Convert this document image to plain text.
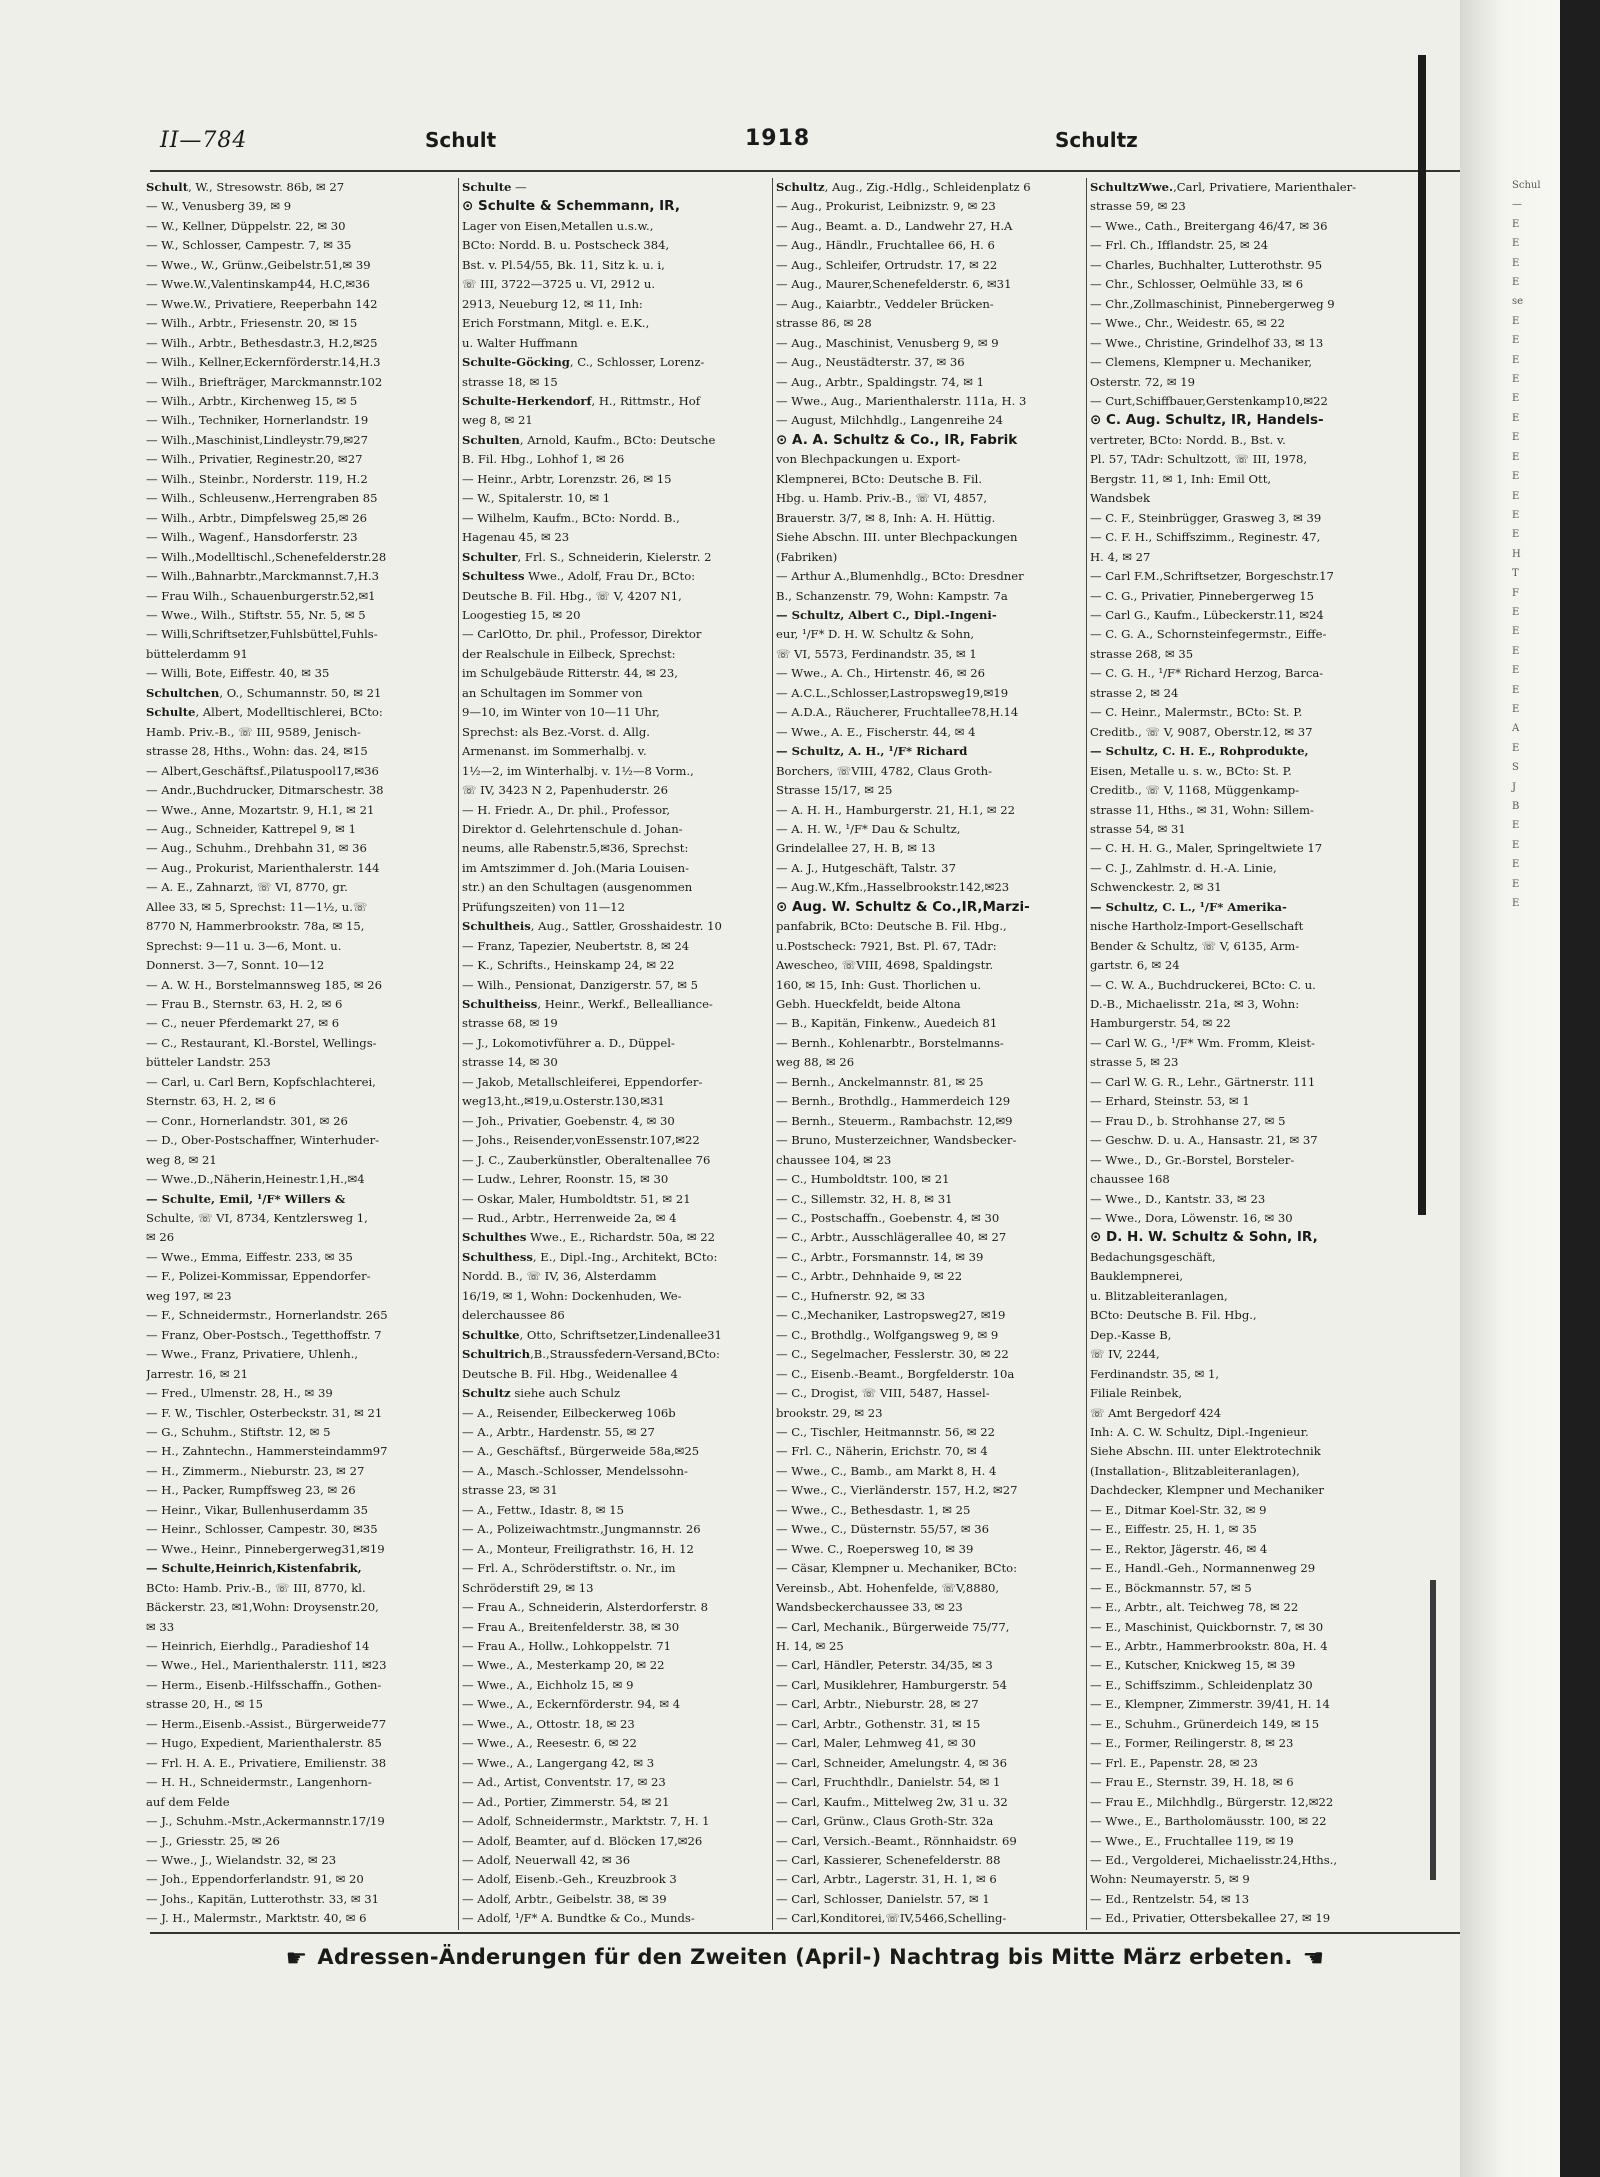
II—784	Schult	1918	Schultz
Schult, W., Stresowstr. 86b, ✉ 27
— W., Venusberg 39, ✉ 9
— W., Kellner, Düppelstr. 22, ✉ 30
— W., Schlosser, Campestr. 7, ✉ 35
— Wwe., W., Grünw.,Geibelstr.51,✉ 39
— Wwe.W.,Valentinskamp44, H.C,✉36
— Wwe.W., Privatiere, Reeperbahn 142
— Wilh., Arbtr., Friesenstr. 20, ✉ 15
— Wilh., Arbtr., Bethesdastr.3, H.2,✉25
— Wilh., Kellner,Eckernförderstr.14,H.3
— Wilh., Briefträger, Marckmannstr.102
— Wilh., Arbtr., Kirchenweg 15, ✉ 5
— Wilh., Techniker, Hornerlandstr. 19
— Wilh.,Maschinist,Lindleystr.79,✉27
— Wilh., Privatier, Reginestr.20, ✉27
— Wilh., Steinbr., Norderstr. 119, H.2
— Wilh., Schleusenw.,Herrengraben 85
— Wilh., Arbtr., Dimpfelsweg 25,✉ 26
— Wilh., Wagenf., Hansdorferstr. 23
— Wilh.,Modelltischl.,Schenefelderstr.28
— Wilh.,Bahnarbtr.,Marckmannst.7,H.3
— Frau Wilh., Schauenburgerstr.52,✉1
— Wwe., Wilh., Stiftstr. 55, Nr. 5, ✉ 5
— Willi,Schriftsetzer,Fuhlsbüttel,Fuhls-
büttelerdamm 91
— Willi, Bote, Eiffestr. 40, ✉ 35
Schultchen, O., Schumannstr. 50, ✉ 21
Schulte, Albert, Modelltischlerei, BCto:
Hamb. Priv.-B., ☏ III, 9589, Jenisch-
strasse 28, Hths., Wohn: das. 24, ✉15
— Albert,Geschäftsf.,Pilatuspool17,✉36
— Andr.,Buchdrucker, Ditmarschestr. 38
— Wwe., Anne, Mozartstr. 9, H.1, ✉ 21
— Aug., Schneider, Kattrepel 9, ✉ 1
— Aug., Schuhm., Drehbahn 31, ✉ 36
— Aug., Prokurist, Marienthalerstr. 144
— A. E., Zahnarzt, ☏ VI, 8770, gr.
Allee 33, ✉ 5, Sprechst: 11—1½, u.☏
8770 N, Hammerbrookstr. 78a, ✉ 15,
Sprechst: 9—11 u. 3—6, Mont. u.
Donnerst. 3—7, Sonnt. 10—12
— A. W. H., Borstelmannsweg 185, ✉ 26
— Frau B., Sternstr. 63, H. 2, ✉ 6
— C., neuer Pferdemarkt 27, ✉ 6
— C., Restaurant, Kl.-Borstel, Wellings-
bütteler Landstr. 253
— Carl, u. Carl Bern, Kopfschlachterei,
Sternstr. 63, H. 2, ✉ 6
— Conr., Hornerlandstr. 301, ✉ 26
— D., Ober-Postschaffner, Winterhuder-
weg 8, ✉ 21
— Wwe.,D.,Näherin,Heinestr.1,H.,✉4
— Schulte, Emil, ¹/F* Willers &
Schulte, ☏ VI, 8734, Kentzlersweg 1,
✉ 26
— Wwe., Emma, Eiffestr. 233, ✉ 35
— F., Polizei-Kommissar, Eppendorfer-
weg 197, ✉ 23
— F., Schneidermstr., Hornerlandstr. 265
— Franz, Ober-Postsch., Tegetthoffstr. 7
— Wwe., Franz, Privatiere, Uhlenh.,
Jarrestr. 16, ✉ 21
— Fred., Ulmenstr. 28, H., ✉ 39
— F. W., Tischler, Osterbeckstr. 31, ✉ 21
— G., Schuhm., Stiftstr. 12, ✉ 5
— H., Zahntechn., Hammersteindamm97
— H., Zimmerm., Nieburstr. 23, ✉ 27
— H., Packer, Rumpffsweg 23, ✉ 26
— Heinr., Vikar, Bullenhuserdamm 35
— Heinr., Schlosser, Campestr. 30, ✉35
— Wwe., Heinr., Pinnebergerweg31,✉19
— Schulte,Heinrich,Kistenfabrik,
BCto: Hamb. Priv.-B., ☏ III, 8770, kl.
Bäckerstr. 23, ✉1,Wohn: Droysenstr.20,
✉ 33
— Heinrich, Eierhdlg., Paradieshof 14
— Wwe., Hel., Marienthalerstr. 111, ✉23
— Herm., Eisenb.-Hilfsschaffn., Gothen-
strasse 20, H., ✉ 15
— Herm.,Eisenb.-Assist., Bürgerweide77
— Hugo, Expedient, Marienthalerstr. 85
— Frl. H. A. E., Privatiere, Emilienstr. 38
— H. H., Schneidermstr., Langenhorn-
auf dem Felde
— J., Schuhm.-Mstr.,Ackermannstr.17/19
— J., Griesstr. 25, ✉ 26
— Wwe., J., Wielandstr. 32, ✉ 23
— Joh., Eppendorferlandstr. 91, ✉ 20
— Johs., Kapitän, Lutterothstr. 33, ✉ 31
— J. H., Malermstr., Marktstr. 40, ✉ 6
Schulte —
⊙ Schulte & Schemmann, IR,
Lager von Eisen,Metallen u.s.w.,
BCto: Nordd. B. u. Postscheck 384,
Bst. v. Pl.54/55, Bk. 11, Sitz k. u. i,
☏ III, 3722—3725 u. VI, 2912 u.
2913, Neueburg 12, ✉ 11, Inh:
Erich Forstmann, Mitgl. e. E.K.,
u. Walter Huffmann
Schulte-Göcking, C., Schlosser, Lorenz-
strasse 18, ✉ 15
Schulte-Herkendorf, H., Rittmstr., Hof
weg 8, ✉ 21
Schulten, Arnold, Kaufm., BCto: Deutsche
B. Fil. Hbg., Lohhof 1, ✉ 26
— Heinr., Arbtr, Lorenzstr. 26, ✉ 15
— W., Spitalerstr. 10, ✉ 1
— Wilhelm, Kaufm., BCto: Nordd. B.,
Hagenau 45, ✉ 23
Schulter, Frl. S., Schneiderin, Kielerstr. 2
Schultess Wwe., Adolf, Frau Dr., BCto:
Deutsche B. Fil. Hbg., ☏ V, 4207 N1,
Loogestieg 15, ✉ 20
— CarlOtto, Dr. phil., Professor, Direktor
der Realschule in Eilbeck, Sprechst:
im Schulgebäude Ritterstr. 44, ✉ 23,
an Schultagen im Sommer von
9—10, im Winter von 10—11 Uhr,
Sprechst: als Bez.-Vorst. d. Allg.
Armenanst. im Sommerhalbj. v.
1½—2, im Winterhalbj. v. 1½—8 Vorm.,
☏ IV, 3423 N 2, Papenhuderstr. 26
— H. Friedr. A., Dr. phil., Professor,
Direktor d. Gelehrtenschule d. Johan-
neums, alle Rabenstr.5,✉36, Sprechst:
im Amtszimmer d. Joh.(Maria Louisen-
str.) an den Schultagen (ausgenommen
Prüfungszeiten) von 11—12
Schultheis, Aug., Sattler, Grosshaidestr. 10
— Franz, Tapezier, Neubertstr. 8, ✉ 24
— K., Schrifts., Heinskamp 24, ✉ 22
— Wilh., Pensionat, Danzigerstr. 57, ✉ 5
Schultheiss, Heinr., Werkf., Bellealliance-
strasse 68, ✉ 19
— J., Lokomotivführer a. D., Düppel-
strasse 14, ✉ 30
— Jakob, Metallschleiferei, Eppendorfer-
weg13,ht.,✉19,u.Osterstr.130,✉31
— Joh., Privatier, Goebenstr. 4, ✉ 30
— Johs., Reisender,vonEssenstr.107,✉22
— J. C., Zauberkünstler, Oberaltenallee 76
— Ludw., Lehrer, Roonstr. 15, ✉ 30
— Oskar, Maler, Humboldtstr. 51, ✉ 21
— Rud., Arbtr., Herrenweide 2a, ✉ 4
Schulthes Wwe., E., Richardstr. 50a, ✉ 22
Schulthess, E., Dipl.-Ing., Architekt, BCto:
Nordd. B., ☏ IV, 36, Alsterdamm
16/19, ✉ 1, Wohn: Dockenhuden, We-
delerchaussee 86
Schultke, Otto, Schriftsetzer,Lindenallee31
Schultrich,B.,Straussfedern-Versand,BCto:
Deutsche B. Fil. Hbg., Weidenallee 4
Schultz siehe auch Schulz
— A., Reisender, Eilbeckerweg 106b
— A., Arbtr., Hardenstr. 55, ✉ 27
— A., Geschäftsf., Bürgerweide 58a,✉25
— A., Masch.-Schlosser, Mendelssohn-
strasse 23, ✉ 31
— A., Fettw., Idastr. 8, ✉ 15
— A., Polizeiwachtmstr.,Jungmannstr. 26
— A., Monteur, Freiligrathstr. 16, H. 12
— Frl. A., Schröderstiftstr. o. Nr., im
Schröderstift 29, ✉ 13
— Frau A., Schneiderin, Alsterdorferstr. 8
— Frau A., Breitenfelderstr. 38, ✉ 30
— Frau A., Hollw., Lohkoppelstr. 71
— Wwe., A., Mesterkamp 20, ✉ 22
— Wwe., A., Eichholz 15, ✉ 9
— Wwe., A., Eckernförderstr. 94, ✉ 4
— Wwe., A., Ottostr. 18, ✉ 23
— Wwe., A., Reesestr. 6, ✉ 22
— Wwe., A., Langergang 42, ✉ 3
— Ad., Artist, Conventstr. 17, ✉ 23
— Ad., Portier, Zimmerstr. 54, ✉ 21
— Adolf, Schneidermstr., Marktstr. 7, H. 1
— Adolf, Beamter, auf d. Blöcken 17,✉26
— Adolf, Neuerwall 42, ✉ 36
— Adolf, Eisenb.-Geh., Kreuzbrook 3
— Adolf, Arbtr., Geibelstr. 38, ✉ 39
— Adolf, ¹/F* A. Bundtke & Co., Munds-
Schultz, Aug., Zig.-Hdlg., Schleidenplatz 6
— Aug., Prokurist, Leibnizstr. 9, ✉ 23
— Aug., Beamt. a. D., Landwehr 27, H.A
— Aug., Händlr., Fruchtallee 66, H. 6
— Aug., Schleifer, Ortrudstr. 17, ✉ 22
— Aug., Maurer,Schenefelderstr. 6, ✉31
— Aug., Kaiarbtr., Veddeler Brücken-
strasse 86, ✉ 28
— Aug., Maschinist, Venusberg 9, ✉ 9
— Aug., Neustädterstr. 37, ✉ 36
— Aug., Arbtr., Spaldingstr. 74, ✉ 1
— Wwe., Aug., Marienthalerstr. 111a, H. 3
— August, Milchhdlg., Langenreihe 24
⊙ A. A. Schultz & Co., IR, Fabrik
von Blechpackungen u. Export-
Klempnerei, BCto: Deutsche B. Fil.
Hbg. u. Hamb. Priv.-B., ☏ VI, 4857,
Brauerstr. 3/7, ✉ 8, Inh: A. H. Hüttig.
Siehe Abschn. III. unter Blechpackungen
(Fabriken)
— Arthur A.,Blumenhdlg., BCto: Dresdner
B., Schanzenstr. 79, Wohn: Kampstr. 7a
— Schultz, Albert C., Dipl.-Ingeni-
eur, ¹/F* D. H. W. Schultz & Sohn,
☏ VI, 5573, Ferdinandstr. 35, ✉ 1
— Wwe., A. Ch., Hirtenstr. 46, ✉ 26
— A.C.L.,Schlosser,Lastropsweg19,✉19
— A.D.A., Räucherer, Fruchtallee78,H.14
— Wwe., A. E., Fischerstr. 44, ✉ 4
— Schultz, A. H., ¹/F* Richard
Borchers, ☏VIII, 4782, Claus Groth-
Strasse 15/17, ✉ 25
— A. H. H., Hamburgerstr. 21, H.1, ✉ 22
— A. H. W., ¹/F* Dau & Schultz,
Grindelallee 27, H. B, ✉ 13
— A. J., Hutgeschäft, Talstr. 37
— Aug.W.,Kfm.,Hasselbrookstr.142,✉23
⊙ Aug. W. Schultz & Co.,IR,Marzi-
panfabrik, BCto: Deutsche B. Fil. Hbg.,
u.Postscheck: 7921, Bst. Pl. 67, TAdr:
Awescheo, ☏VIII, 4698, Spaldingstr.
160, ✉ 15, Inh: Gust. Thorlichen u.
Gebh. Hueckfeldt, beide Altona
— B., Kapitän, Finkenw., Auedeich 81
— Bernh., Kohlenarbtr., Borstelmanns-
weg 88, ✉ 26
— Bernh., Anckelmannstr. 81, ✉ 25
— Bernh., Brothdlg., Hammerdeich 129
— Bernh., Steuerm., Rambachstr. 12,✉9
— Bruno, Musterzeichner, Wandsbecker-
chaussee 104, ✉ 23
— C., Humboldtstr. 100, ✉ 21
— C., Sillemstr. 32, H. 8, ✉ 31
— C., Postschaffn., Goebenstr. 4, ✉ 30
— C., Arbtr., Ausschlägerallee 40, ✉ 27
— C., Arbtr., Forsmannstr. 14, ✉ 39
— C., Arbtr., Dehnhaide 9, ✉ 22
— C., Hufnerstr. 92, ✉ 33
— C.,Mechaniker, Lastropsweg27, ✉19
— C., Brothdlg., Wolfgangsweg 9, ✉ 9
— C., Segelmacher, Fesslerstr. 30, ✉ 22
— C., Eisenb.-Beamt., Borgfelderstr. 10a
— C., Drogist, ☏ VIII, 5487, Hassel-
brookstr. 29, ✉ 23
— C., Tischler, Heitmannstr. 56, ✉ 22
— Frl. C., Näherin, Erichstr. 70, ✉ 4
— Wwe., C., Bamb., am Markt 8, H. 4
— Wwe., C., Vierländerstr. 157, H.2, ✉27
— Wwe., C., Bethesdastr. 1, ✉ 25
— Wwe., C., Düsternstr. 55/57, ✉ 36
— Wwe. C., Roepersweg 10, ✉ 39
— Cäsar, Klempner u. Mechaniker, BCto:
Vereinsb., Abt. Hohenfelde, ☏V,8880,
Wandsbeckerchaussee 33, ✉ 23
— Carl, Mechanik., Bürgerweide 75/77,
H. 14, ✉ 25
— Carl, Händler, Peterstr. 34/35, ✉ 3
— Carl, Musiklehrer, Hamburgerstr. 54
— Carl, Arbtr., Nieburstr. 28, ✉ 27
— Carl, Arbtr., Gothenstr. 31, ✉ 15
— Carl, Maler, Lehmweg 41, ✉ 30
— Carl, Schneider, Amelungstr. 4, ✉ 36
— Carl, Fruchthdlr., Danielstr. 54, ✉ 1
— Carl, Kaufm., Mittelweg 2w, 31 u. 32
— Carl, Grünw., Claus Groth-Str. 32a
— Carl, Versich.-Beamt., Rönnhaidstr. 69
— Carl, Kassierer, Schenefelderstr. 88
— Carl, Arbtr., Lagerstr. 31, H. 1, ✉ 6
— Carl, Schlosser, Danielstr. 57, ✉ 1
— Carl,Konditorei,☏IV,5466,Schelling-
SchultzWwe.,Carl, Privatiere, Marienthaler-
strasse 59, ✉ 23
— Wwe., Cath., Breitergang 46/47, ✉ 36
— Frl. Ch., Ifflandstr. 25, ✉ 24
— Charles, Buchhalter, Lutterothstr. 95
— Chr., Schlosser, Oelmühle 33, ✉ 6
— Chr.,Zollmaschinist, Pinnebergerweg 9
— Wwe., Chr., Weidestr. 65, ✉ 22
— Wwe., Christine, Grindelhof 33, ✉ 13
— Clemens, Klempner u. Mechaniker,
Osterstr. 72, ✉ 19
— Curt,Schiffbauer,Gerstenkamp10,✉22
⊙ C. Aug. Schultz, IR, Handels-
vertreter, BCto: Nordd. B., Bst. v.
Pl. 57, TAdr: Schultzott, ☏ III, 1978,
Bergstr. 11, ✉ 1, Inh: Emil Ott,
Wandsbek
— C. F., Steinbrügger, Grasweg 3, ✉ 39
— C. F. H., Schiffszimm., Reginestr. 47,
H. 4, ✉ 27
— Carl F.M.,Schriftsetzer, Borgeschstr.17
— C. G., Privatier, Pinnebergerweg 15
— Carl G., Kaufm., Lübeckerstr.11, ✉24
— C. G. A., Schornsteinfegermstr., Eiffe-
strasse 268, ✉ 35
— C. G. H., ¹/F* Richard Herzog, Barca-
strasse 2, ✉ 24
— C. Heinr., Malermstr., BCto: St. P.
Creditb., ☏ V, 9087, Oberstr.12, ✉ 37
— Schultz, C. H. E., Rohprodukte,
Eisen, Metalle u. s. w., BCto: St. P.
Creditb., ☏ V, 1168, Müggenkamp-
strasse 11, Hths., ✉ 31, Wohn: Sillem-
strasse 54, ✉ 31
— C. H. H. G., Maler, Springeltwiete 17
— C. J., Zahlmstr. d. H.-A. Linie,
Schwenckestr. 2, ✉ 31
— Schultz, C. L., ¹/F* Amerika-
nische Hartholz-Import-Gesellschaft
Bender & Schultz, ☏ V, 6135, Arm-
gartstr. 6, ✉ 24
— C. W. A., Buchdruckerei, BCto: C. u.
D.-B., Michaelisstr. 21a, ✉ 3, Wohn:
Hamburgerstr. 54, ✉ 22
— Carl W. G., ¹/F* Wm. Fromm, Kleist-
strasse 5, ✉ 23
— Carl W. G. R., Lehr., Gärtnerstr. 111
— Erhard, Steinstr. 53, ✉ 1
— Frau D., b. Strohhanse 27, ✉ 5
— Geschw. D. u. A., Hansastr. 21, ✉ 37
— Wwe., D., Gr.-Borstel, Borsteler-
chaussee 168
— Wwe., D., Kantstr. 33, ✉ 23
— Wwe., Dora, Löwenstr. 16, ✉ 30
⊙ D. H. W. Schultz & Sohn, IR,
Bedachungsgeschäft,
Bauklempnerei,
u. Blitzableiteranlagen,
BCto: Deutsche B. Fil. Hbg.,
Dep.-Kasse B,
☏ IV, 2244,
Ferdinandstr. 35, ✉ 1,
Filiale Reinbek,
☏ Amt Bergedorf 424
Inh: A. C. W. Schultz, Dipl.-Ingenieur.
Siehe Abschn. III. unter Elektrotechnik
(Installation-, Blitzableiteranlagen),
Dachdecker, Klempner und Mechaniker
— E., Ditmar Koel-Str. 32, ✉ 9
— E., Eiffestr. 25, H. 1, ✉ 35
— E., Rektor, Jägerstr. 46, ✉ 4
— E., Handl.-Geh., Normannenweg 29
— E., Böckmannstr. 57, ✉ 5
— E., Arbtr., alt. Teichweg 78, ✉ 22
— E., Maschinist, Quickbornstr. 7, ✉ 30
— E., Arbtr., Hammerbrookstr. 80a, H. 4
— E., Kutscher, Knickweg 15, ✉ 39
— E., Schiffszimm., Schleidenplatz 30
— E., Klempner, Zimmerstr. 39/41, H. 14
— E., Schuhm., Grünerdeich 149, ✉ 15
— E., Former, Reilingerstr. 8, ✉ 23
— Frl. E., Papenstr. 28, ✉ 23
— Frau E., Sternstr. 39, H. 18, ✉ 6
— Frau E., Milchhdlg., Bürgerstr. 12,✉22
— Wwe., E., Bartholomäusstr. 100, ✉ 22
— Wwe., E., Fruchtallee 119, ✉ 19
— Ed., Vergolderei, Michaelisstr.24,Hths.,
Wohn: Neumayerstr. 5, ✉ 9
— Ed., Rentzelstr. 54, ✉ 13
— Ed., Privatier, Ottersbekallee 27, ✉ 19
☛ Adressen-Änderungen für den Zweiten (April-) Nachtrag bis Mitte März erbeten. ☚
Schul
—
E
E
E
E
se
E
E
E
E
E
E
E
E
E
E
E
E
H
T
F
E
E
E
E
E
E
A
E
S
J
B
E
E
E
E
E
